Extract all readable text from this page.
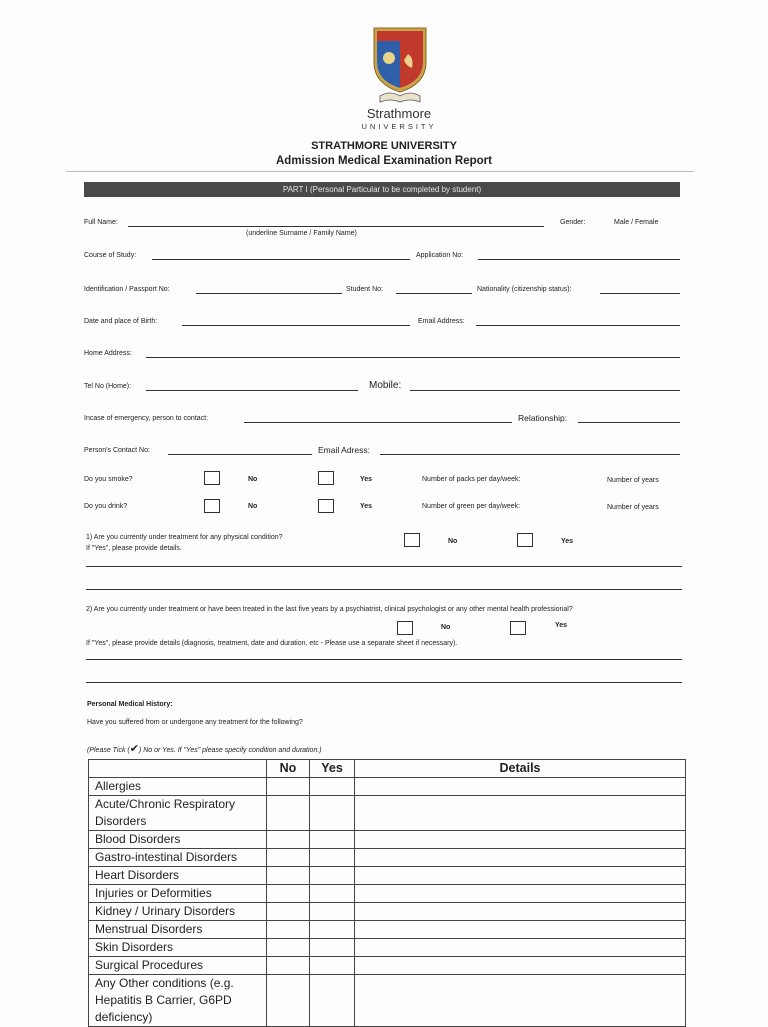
Strathmore
UNIVERSITY
STRATHMORE UNIVERSITY
Admission Medical Examination Report
PART I (Personal Particular to be completed by student)
Full Name:	Gender:	Male / Female
(underline Surname / Family Name)
Course of Study:	Application No:
Identification / Passport No:	Student No:	Nationality (citizenship status):
Date and place of Birth:	Email Address:
Home Address:
Tel No (Home):	Mobile:
Incase of emergency, person to contact:	Relationship:
Person's Contact No:	Email Adress:
Do you smoke?	No	Yes	Number of packs per day/week:	Number of years
Do you drink?	No	Yes	Number of green per day/week:	Number of years
1) Are you currently under treatment for any physical condition?
If "Yes", please provide details.
No	Yes
2) Are you currently under treatment or have been treated in the last five years by a psychiatrist, clinical psychologist or any other mental health professional?
No	Yes
If "Yes", please provide details (diagnosis, treatment, date and duration, etc - Please use a separate sheet if necessary).
Personal Medical History:
Have you suffered from or undergone any treatment for the following?
(Please Tick (✔) No or Yes. If "Yes" please specify condition and duration.)
	No	Yes	Details
Allergies			
Acute/Chronic Respiratory Disorders			
Blood Disorders			
Gastro-intestinal Disorders			
Heart Disorders			
Injuries or Deformities			
Kidney / Urinary Disorders			
Menstrual Disorders			
Skin Disorders			
Surgical Procedures			
Any Other conditions (e.g. Hepatitis B Carrier, G6PD deficiency)			
